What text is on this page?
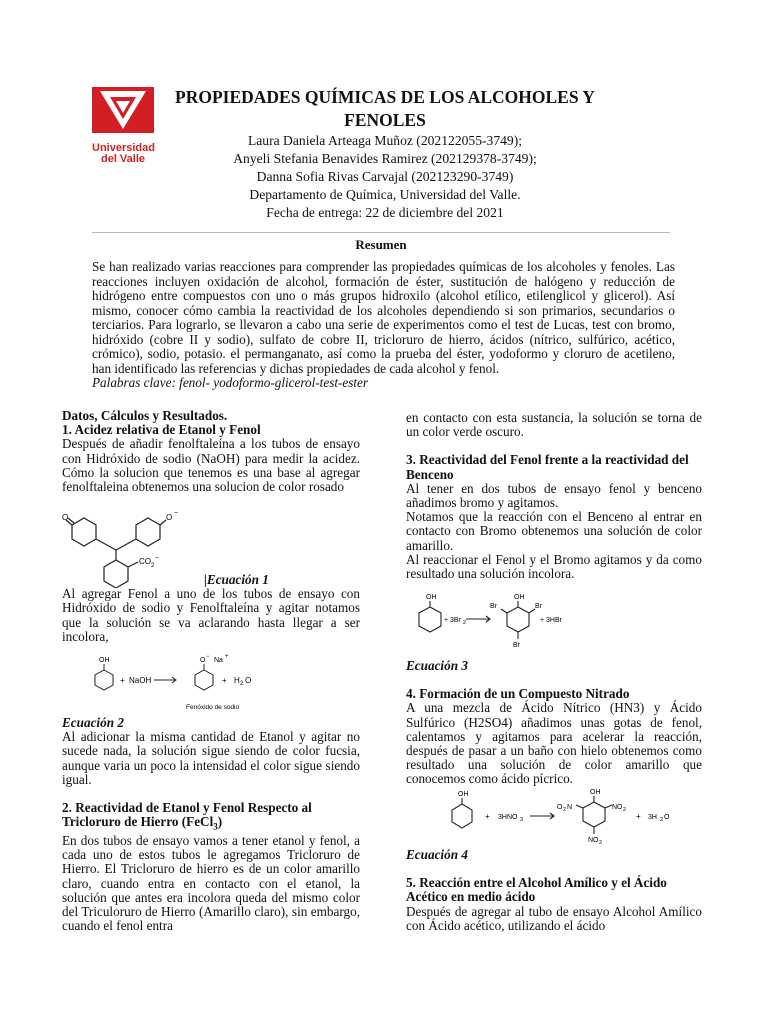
Universidad
del Valle
PROPIEDADES QUÍMICAS DE LOS ALCOHOLES Y
FENOLES
Laura Daniela Arteaga Muñoz (202122055-3749);
Anyeli Stefania Benavides Ramirez (202129378-3749);
Danna Sofia Rivas Carvajal (202123290-3749)
Departamento de Química, Universidad del Valle.
Fecha de entrega: 22 de diciembre del 2021
Resumen
Se han realizado varias reacciones para comprender las propiedades químicas de los alcoholes y fenoles. Las reacciones incluyen oxidación de alcohol, formación de éster, sustitución de halógeno y reducción de hidrógeno entre compuestos con uno o más grupos hidroxilo (alcohol etílico, etilenglicol y glicerol). Así mismo, conocer cómo cambia la reactividad de los alcoholes dependiendo si son primarios, secundarios o terciarios. Para lograrlo, se llevaron a cabo una serie de experimentos como el test de Lucas, test con bromo, hidróxido (cobre II y sodio), sulfato de cobre II, tricloruro de hierro, ácidos (nítrico, sulfúrico, acético, crómico), sodio, potasio. el permanganato, así como la prueba del éster, yodoformo y cloruro de acetileno, han identificado las referencias y dichas propiedades de cada alcohol y fenol.
Palabras clave: fenol- yodoformo-glicerol-test-ester
Datos, Cálculos y Resultados.
1. Acidez relativa de Etanol y Fenol

Después de añadir fenolftaleína a los tubos de ensayo con Hidróxido de sodio (NaOH) para medir la acidez. Cómo la solucion que tenemos es una base al agregar fenolftaleina obtenemos una solucion de color rosado

O	O −
CO 2
−
|Ecuación 1

Al agregar Fenol a uno de los tubos de ensayo con Hidróxido de sodio y Fenolftaleína y agitar notamos que la solución se va aclarando hasta llegar a ser incolora,

OH
+ NaOH
O − Na +
+ H 2 O
Fenóxido de sodio
Ecuación 2

Al adicionar la misma cantidad de Etanol y agitar no sucede nada, la solución sigue siendo de color fucsia, aunque varia un poco la intensidad el color sigue siendo igual.

2. Reactividad de Etanol y Fenol Respecto al Tricloruro de Hierro (FeCl$_3$)

En dos tubos de ensayo vamos a tener etanol y fenol, a cada uno de estos tubos le agregamos Tricloruro de Hierro. El Tricloruro de hierro es de un color amarillo claro, cuando entra en contacto con el etanol, la solución que antes era incolora queda del mismo color del Triculoruro de Hierro (Amarillo claro), sin embargo, cuando el fenol entra

en contacto con esta sustancia, la solución se torna de un color verde oscuro.

3. Reactividad del Fenol frente a la reactividad del Benceno

Al tener en dos tubos de ensayo fenol y benceno añadimos bromo y agitamos.

Notamos que la reacción con el Benceno al entrar en contacto con Bromo obtenemos una solución de color amarillo.

Al reaccionar el Fenol y el Bromo agitamos y da como resultado una solución incolora.

OH
+ 3Br 2
OH
Br	Br
Br
+ 3HBr
Ecuación 3
4. Formación de un Compuesto Nitrado

A una mezcla de Ácido Nítrico (HN3) y Ácido Sulfúrico (H2SO4) añadimos unas gotas de fenol, calentamos y agitamos para acelerar la reacción, después de pasar a un baño con hielo obtenemos como resultado una solución de color amarillo que conocemos como ácido pícrico.

OH
+ 3HNO 3
OH
O 2 N	NO 2
NO 2
+ 3H 2 O
Ecuación 4
5. Reacción entre el Alcohol Amílico y el Ácido Acético en medio ácido

Después de agregar al tubo de ensayo Alcohol Amílico con Ácido acético, utilizando el ácido
